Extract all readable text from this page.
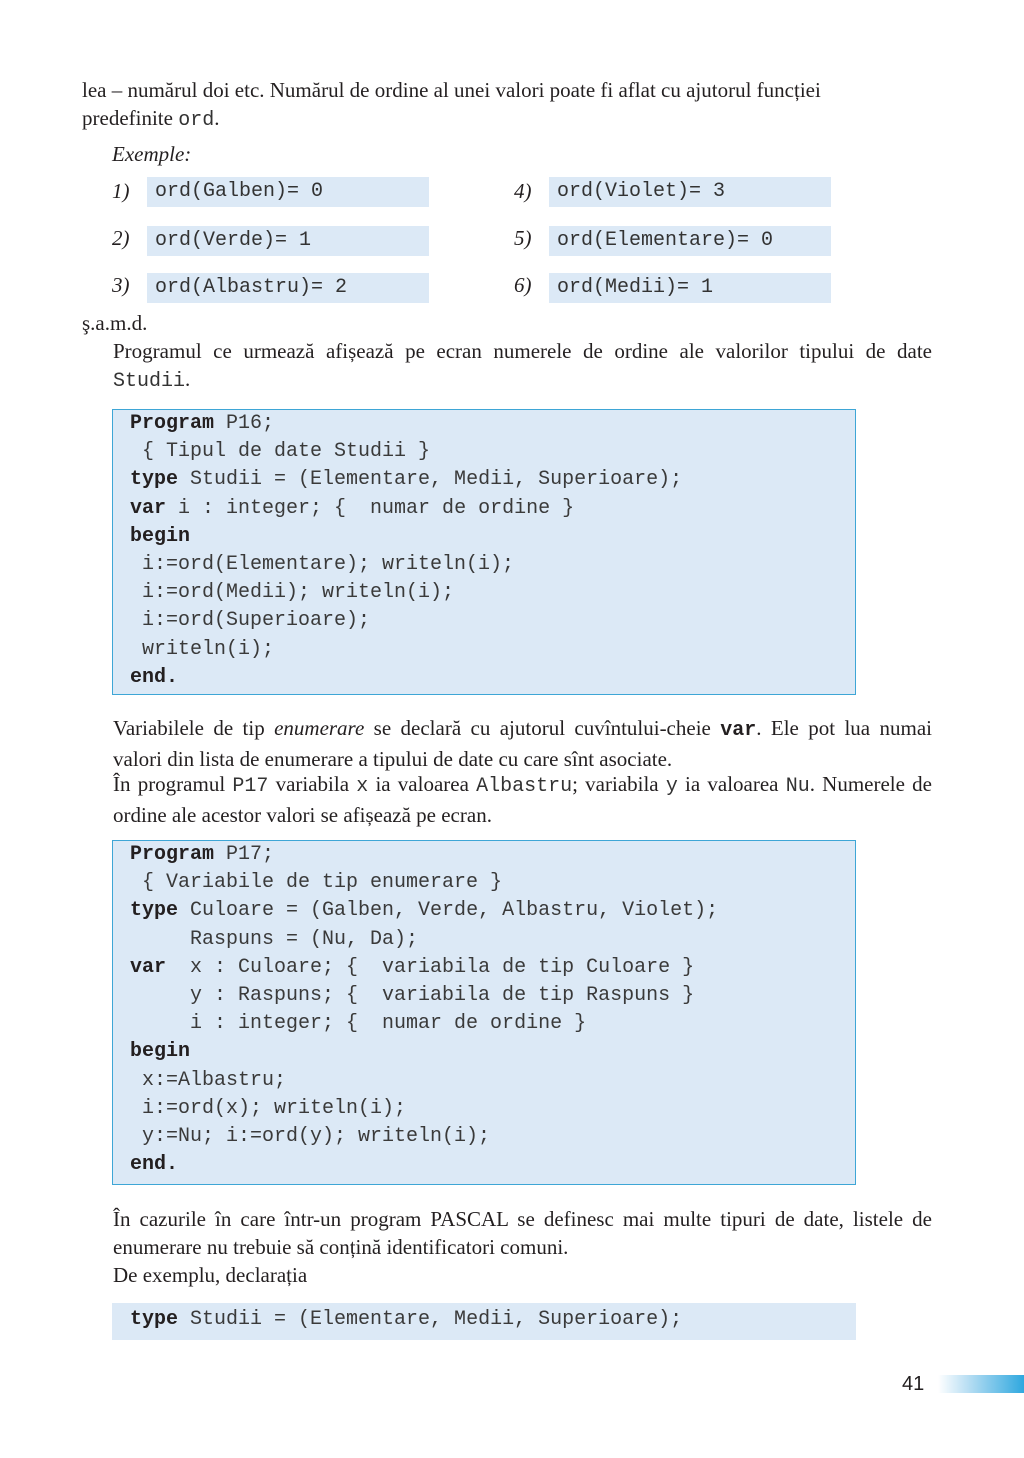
lea – numărul doi etc. Numărul de ordine al unei valori poate fi aflat cu ajutorul funcției
predefinite ord.

Exemple:

1)	ord(Galben)= 0
2)	ord(Verde)= 1
3)	ord(Albastru)= 2
4)	ord(Violet)= 3
5)	ord(Elementare)= 0
6)	ord(Medii)= 1

ş.a.m.d.

Programul ce urmează afișează pe ecran numerele de ordine ale valorilor tipului de date Studii.

Program P16;
{ Tipul de date Studii }
type Studii = (Elementare, Medii, Superioare);
var i : integer; {  numar de ordine }
begin
i:=ord(Elementare); writeln(i);
i:=ord(Medii); writeln(i);
i:=ord(Superioare);
writeln(i);
end.

Variabilele de tip enumerare se declară cu ajutorul cuvîntului-cheie var. Ele pot lua numai valori din lista de enumerare a tipului de date cu care sînt asociate.

În programul P17 variabila x ia valoarea Albastru; variabila y ia valoarea Nu. Numerele de ordine ale acestor valori se afișează pe ecran.

Program P17;
{ Variabile de tip enumerare }
type Culoare = (Galben, Verde, Albastru, Violet);
Raspuns = (Nu, Da);
var  x : Culoare; {  variabila de tip Culoare }
y : Raspuns; {  variabila de tip Raspuns }
i : integer; {  numar de ordine }
begin
x:=Albastru;
i:=ord(x); writeln(i);
y:=Nu; i:=ord(y); writeln(i);
end.

În cazurile în care într-un program PASCAL se definesc mai multe tipuri de date, listele de enumerare nu trebuie să conțină identificatori comuni.

De exemplu, declarația

type Studii = (Elementare, Medii, Superioare);
41
